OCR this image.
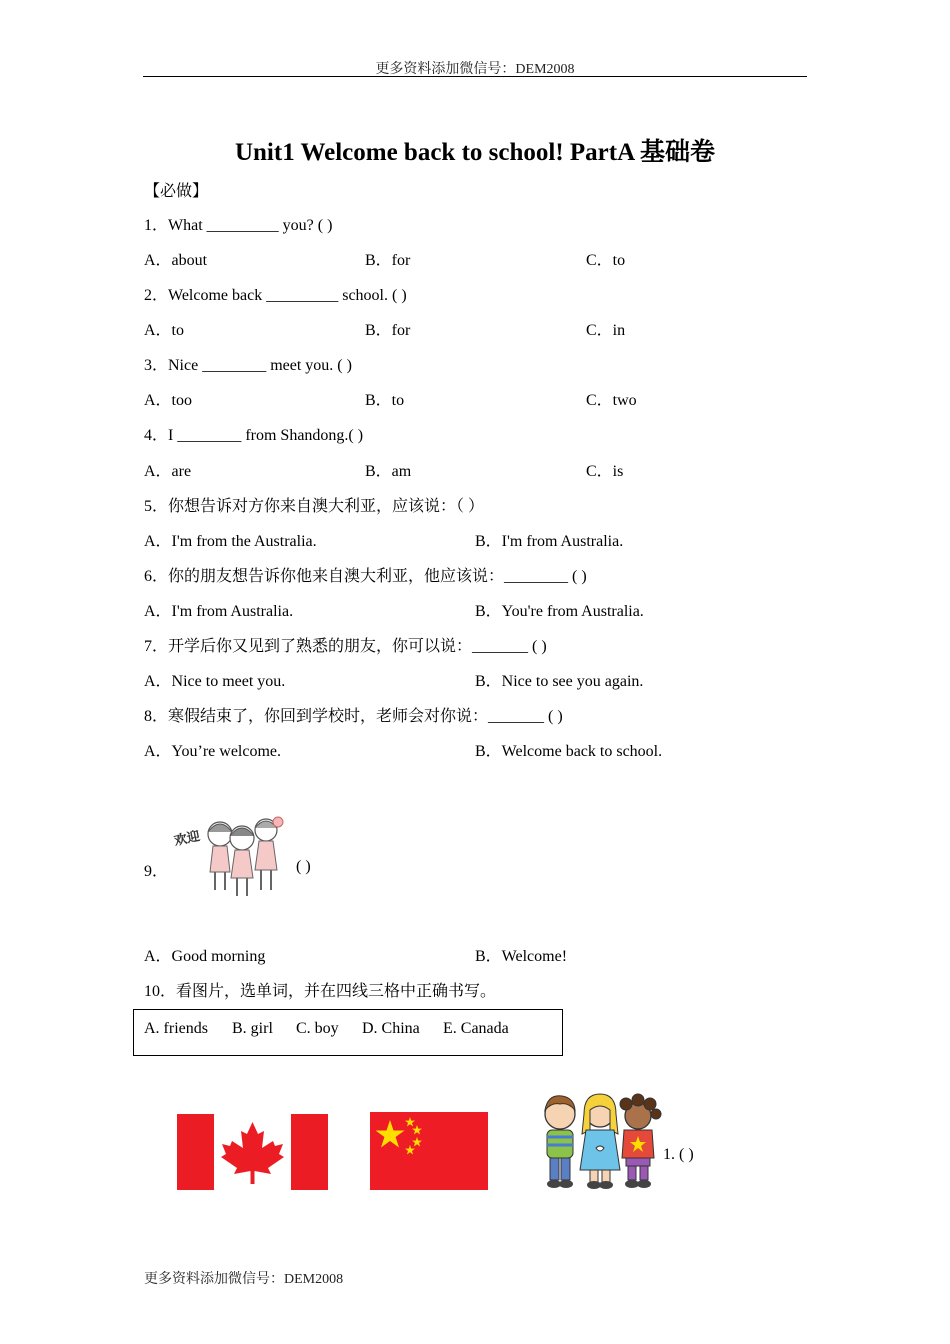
更多资料添加微信号：DEM2008
Unit1 Welcome back to school! PartA 基础卷
【必做】
1．What _________ you? ( )
A．about	B．for	C．to
2．Welcome back _________ school. ( )
A．to	B．for	C．in
3．Nice ________ meet you. ( )
A．too	B．to	C．two
4．I ________ from Shandong.( )
A．are	B．am	C．is
5．你想告诉对方你来自澳大利亚，应该说：（ ）
A．I'm from the Australia.	B．I'm from Australia.
6．你的朋友想告诉你他来自澳大利亚，他应该说：________ ( )
A．I'm from Australia.	B．You're from Australia.
7．开学后你又见到了熟悉的朋友，你可以说：_______ ( )
A．Nice to meet you.	B．Nice to see you again.
8．寒假结束了，你回到学校时，老师会对你说：_______ ( )
A．You’re welcome.	B．Welcome back to school.
9．
欢迎
( )
A．Good morning	B．Welcome!
10．看图片，选单词，并在四线三格中正确书写。
A. friends B. girl C. boy D. China E. Canada
1. ( )
更多资料添加微信号：DEM2008
